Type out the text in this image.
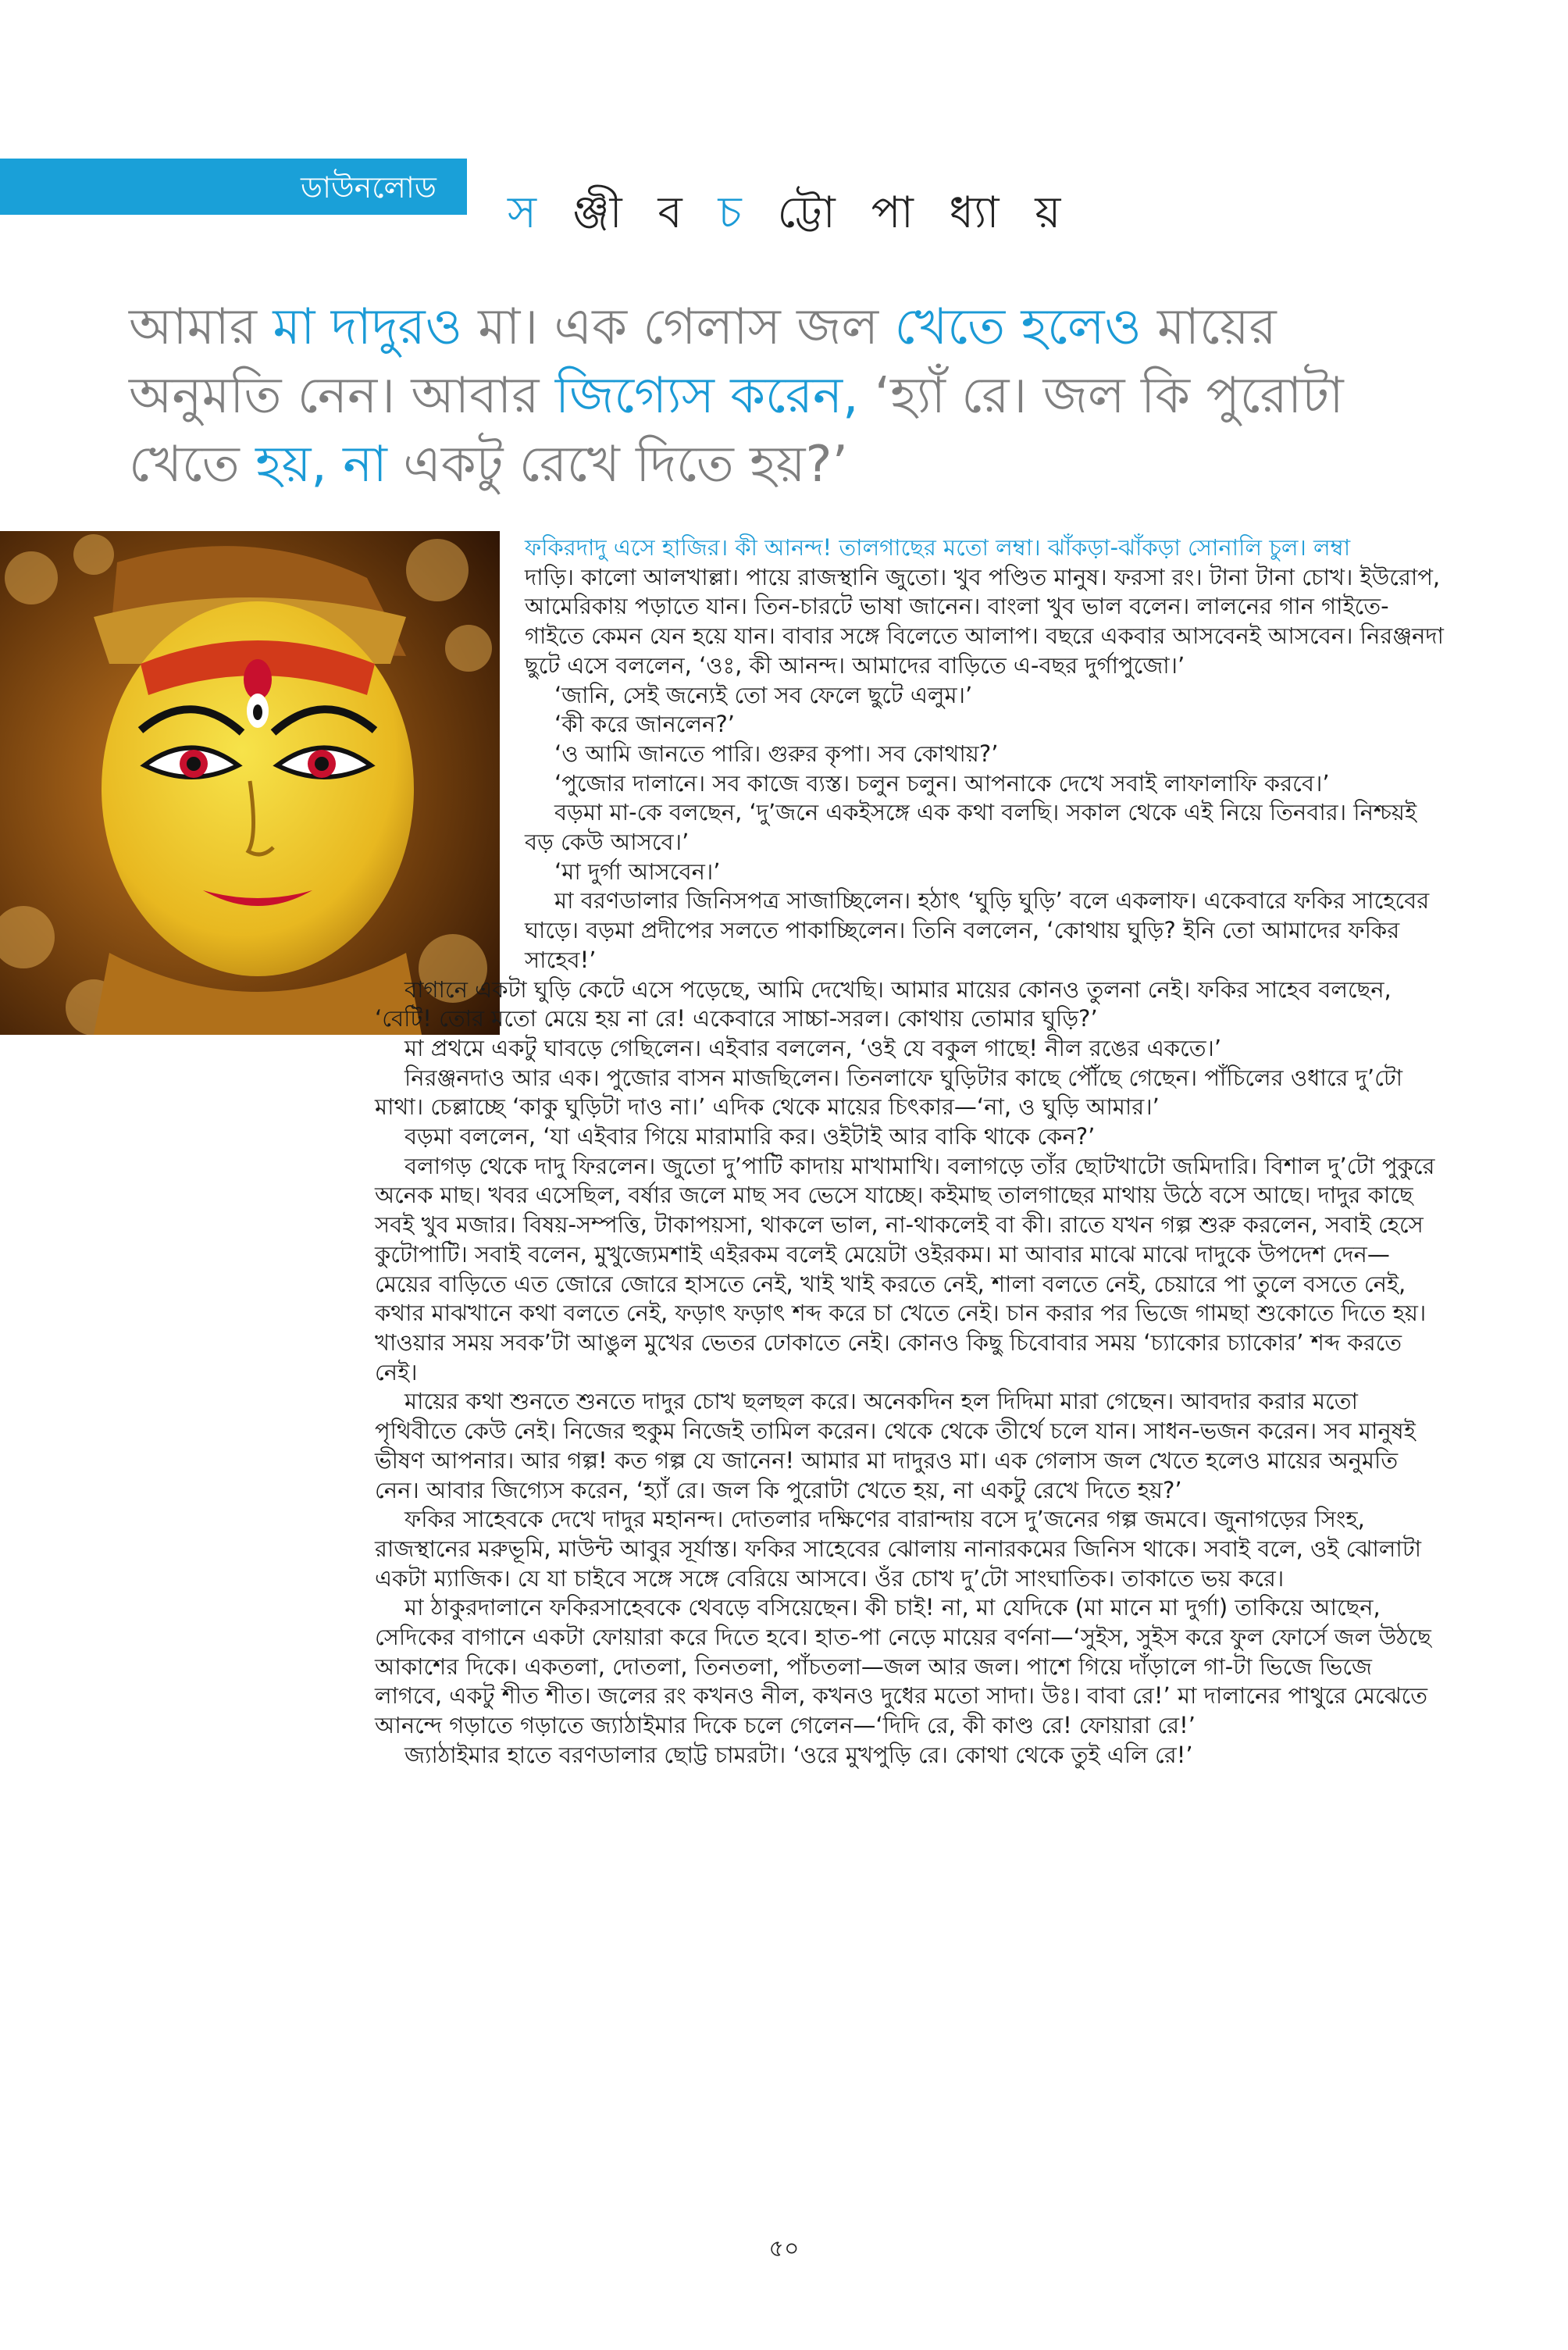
ডাউনলোড স ঞ্জী ব চ ট্টো পা ধ্যা য়
আমার মা দাদুরও মা। এক গেলাস জল খেতে হলেও মায়ের অনুমতি নেন। আবার জিগ্যেস করেন, ‘হ্যাঁ রে। জল কি পুরোটা খেতে হয়, না একটু রেখে দিতে হয়?’

ফকিরদাদু এসে হাজির। কী আনন্দ! তালগাছের মতো লম্বা। ঝাঁকড়া-ঝাঁকড়া সোনালি চুল। লম্বা

দাড়ি। কালো আলখাল্লা। পায়ে রাজস্থানি জুতো। খুব পণ্ডিত মানুষ। ফরসা রং। টানা টানা চোখ। ইউরোপ, আমেরিকায় পড়াতে যান। তিন-চারটে ভাষা জানেন। বাংলা খুব ভাল বলেন। লালনের গান গাইতে-গাইতে কেমন যেন হয়ে যান। বাবার সঙ্গে বিলেতে আলাপ। বছরে একবার আসবেনই আসবেন। নিরঞ্জনদা ছুটে এসে বললেন, ‘ওঃ, কী আনন্দ। আমাদের বাড়িতে এ-বছর দুর্গাপুজো।’

‘জানি, সেই জন্যেই তো সব ফেলে ছুটে এলুম।’

‘কী করে জানলেন?’

‘ও আমি জানতে পারি। গুরুর কৃপা। সব কোথায়?’

‘পুজোর দালানে। সব কাজে ব্যস্ত। চলুন চলুন। আপনাকে দেখে সবাই লাফালাফি করবে।’

বড়মা মা-কে বলছেন, ‘দু’জনে একইসঙ্গে এক কথা বলছি। সকাল থেকে এই নিয়ে তিনবার। নিশ্চয়ই বড় কেউ আসবে।’

‘মা দুর্গা আসবেন।’

মা বরণডালার জিনিসপত্র সাজাচ্ছিলেন। হঠাৎ ‘ঘুড়ি ঘুড়ি’ বলে একলাফ। একেবারে ফকির সাহেবের ঘাড়ে। বড়মা প্রদীপের সলতে পাকাচ্ছিলেন। তিনি বললেন, ‘কোথায় ঘুড়ি? ইনি তো আমাদের ফকির সাহেব!’

বাগানে একটা ঘুড়ি কেটে এসে পড়েছে, আমি দেখেছি। আমার মায়ের কোনও তুলনা নেই। ফকির সাহেব বলছেন, ‘বেটি! তোর মতো মেয়ে হয় না রে! একেবারে সাচ্চা-সরল। কোথায় তোমার ঘুড়ি?’

মা প্রথমে একটু ঘাবড়ে গেছিলেন। এইবার বললেন, ‘ওই যে বকুল গাছে! নীল রঙের একতে।’

নিরঞ্জনদাও আর এক। পুজোর বাসন মাজছিলেন। তিনলাফে ঘুড়িটার কাছে পৌঁছে গেছেন। পাঁচিলের ওধারে দু’টো মাথা। চেল্লাচ্ছে ‘কাকু ঘুড়িটা দাও না।’ এদিক থেকে মায়ের চিৎকার—‘না, ও ঘুড়ি আমার।’

বড়মা বললেন, ‘যা এইবার গিয়ে মারামারি কর। ওইটাই আর বাকি থাকে কেন?’

বলাগড় থেকে দাদু ফিরলেন। জুতো দু’পাটি কাদায় মাখামাখি। বলাগড়ে তাঁর ছোটখাটো জমিদারি। বিশাল দু’টো পুকুরে অনেক মাছ। খবর এসেছিল, বর্ষার জলে মাছ সব ভেসে যাচ্ছে। কইমাছ তালগাছের মাথায় উঠে বসে আছে। দাদুর কাছে সবই খুব মজার। বিষয়-সম্পত্তি, টাকাপয়সা, থাকলে ভাল, না-থাকলেই বা কী। রাতে যখন গল্প শুরু করলেন, সবাই হেসে কুটোপাটি। সবাই বলেন, মুখুজ্যেমশাই এইরকম বলেই মেয়েটা ওইরকম। মা আবার মাঝে মাঝে দাদুকে উপদেশ দেন—মেয়ের বাড়িতে এত জোরে জোরে হাসতে নেই, খাই খাই করতে নেই, শালা বলতে নেই, চেয়ারে পা তুলে বসতে নেই, কথার মাঝখানে কথা বলতে নেই, ফড়াৎ ফড়াৎ শব্দ করে চা খেতে নেই। চান করার পর ভিজে গামছা শুকোতে দিতে হয়। খাওয়ার সময় সবক’টা আঙুল মুখের ভেতর ঢোকাতে নেই। কোনও কিছু চিবোবার সময় ‘চ্যাকোর চ্যাকোর’ শব্দ করতে নেই।

মায়ের কথা শুনতে শুনতে দাদুর চোখ ছলছল করে। অনেকদিন হল দিদিমা মারা গেছেন। আবদার করার মতো পৃথিবীতে কেউ নেই। নিজের হুকুম নিজেই তামিল করেন। থেকে থেকে তীর্থে চলে যান। সাধন-ভজন করেন। সব মানুষই ভীষণ আপনার। আর গল্প! কত গল্প যে জানেন! আমার মা দাদুরও মা। এক গেলাস জল খেতে হলেও মায়ের অনুমতি নেন। আবার জিগ্যেস করেন, ‘হ্যাঁ রে। জল কি পুরোটা খেতে হয়, না একটু রেখে দিতে হয়?’

ফকির সাহেবকে দেখে দাদুর মহানন্দ। দোতলার দক্ষিণের বারান্দায় বসে দু’জনের গল্প জমবে। জুনাগড়ের সিংহ, রাজস্থানের মরুভূমি, মাউন্ট আবুর সূর্যাস্ত। ফকির সাহেবের ঝোলায় নানারকমের জিনিস থাকে। সবাই বলে, ওই ঝোলাটা একটা ম্যাজিক। যে যা চাইবে সঙ্গে সঙ্গে বেরিয়ে আসবে। ওঁর চোখ দু’টো সাংঘাতিক। তাকাতে ভয় করে।

মা ঠাকুরদালানে ফকিরসাহেবকে থেবড়ে বসিয়েছেন। কী চাই! না, মা যেদিকে (মা মানে মা দুর্গা) তাকিয়ে আছেন, সেদিকের বাগানে একটা ফোয়ারা করে দিতে হবে। হাত-পা নেড়ে মায়ের বর্ণনা—‘সুইস, সুইস করে ফুল ফোর্সে জল উঠছে আকাশের দিকে। একতলা, দোতলা, তিনতলা, পাঁচতলা—জল আর জল। পাশে গিয়ে দাঁড়ালে গা-টা ভিজে ভিজে লাগবে, একটু শীত শীত। জলের রং কখনও নীল, কখনও দুধের মতো সাদা। উঃ। বাবা রে!’ মা দালানের পাথুরে মেঝেতে আনন্দে গড়াতে গড়াতে জ্যাঠাইমার দিকে চলে গেলেন—‘দিদি রে, কী কাণ্ড রে! ফোয়ারা রে!’

জ্যাঠাইমার হাতে বরণডালার ছোট্ট চামরটা। ‘ওরে মুখপুড়ি রে। কোথা থেকে তুই এলি রে!’

৫০
